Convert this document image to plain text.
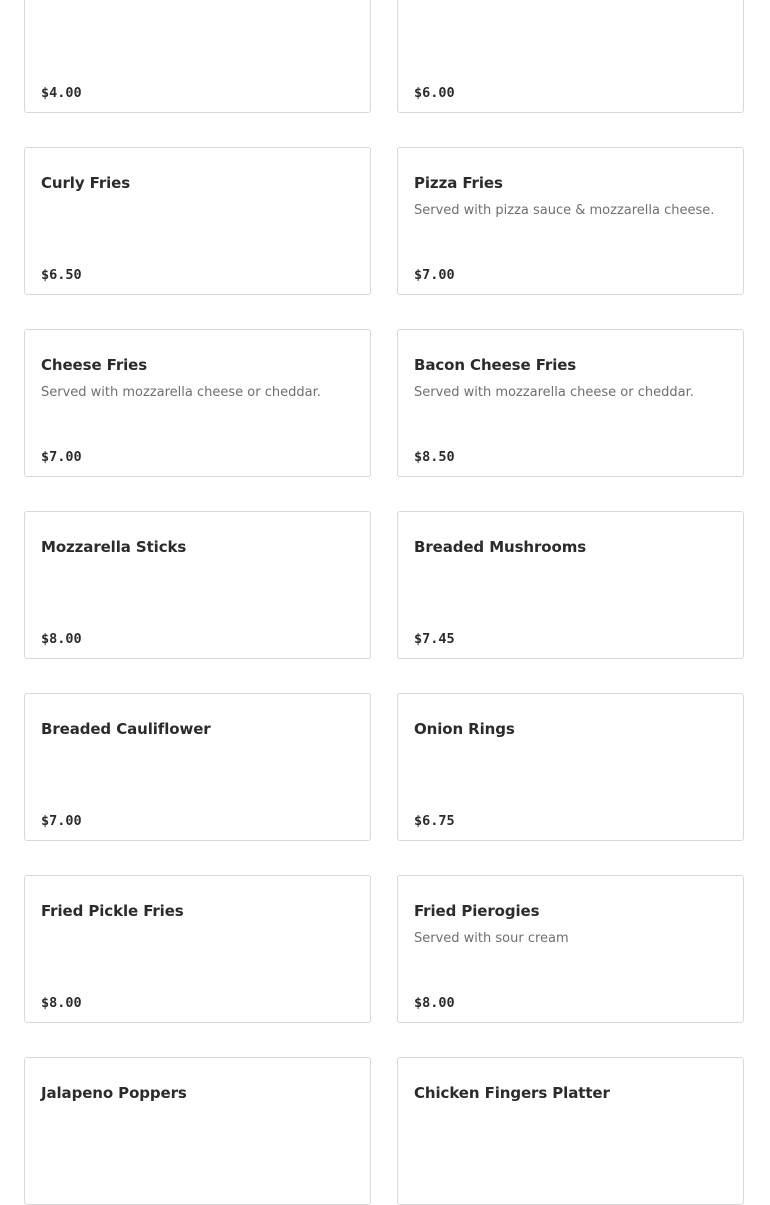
$4.00	$6.00
Curly Fries
$6.50
Pizza Fries
Served with pizza sauce & mozzarella cheese.
$7.00
Cheese Fries
Served with mozzarella cheese or cheddar.
$7.00
Bacon Cheese Fries
Served with mozzarella cheese or cheddar.
$8.50
Mozzarella Sticks
$8.00
Breaded Mushrooms
$7.45
Breaded Cauliflower
$7.00
Onion Rings
$6.75
Fried Pickle Fries
$8.00
Fried Pierogies
Served with sour cream
$8.00
Jalapeno Poppers	Chicken Fingers Platter
